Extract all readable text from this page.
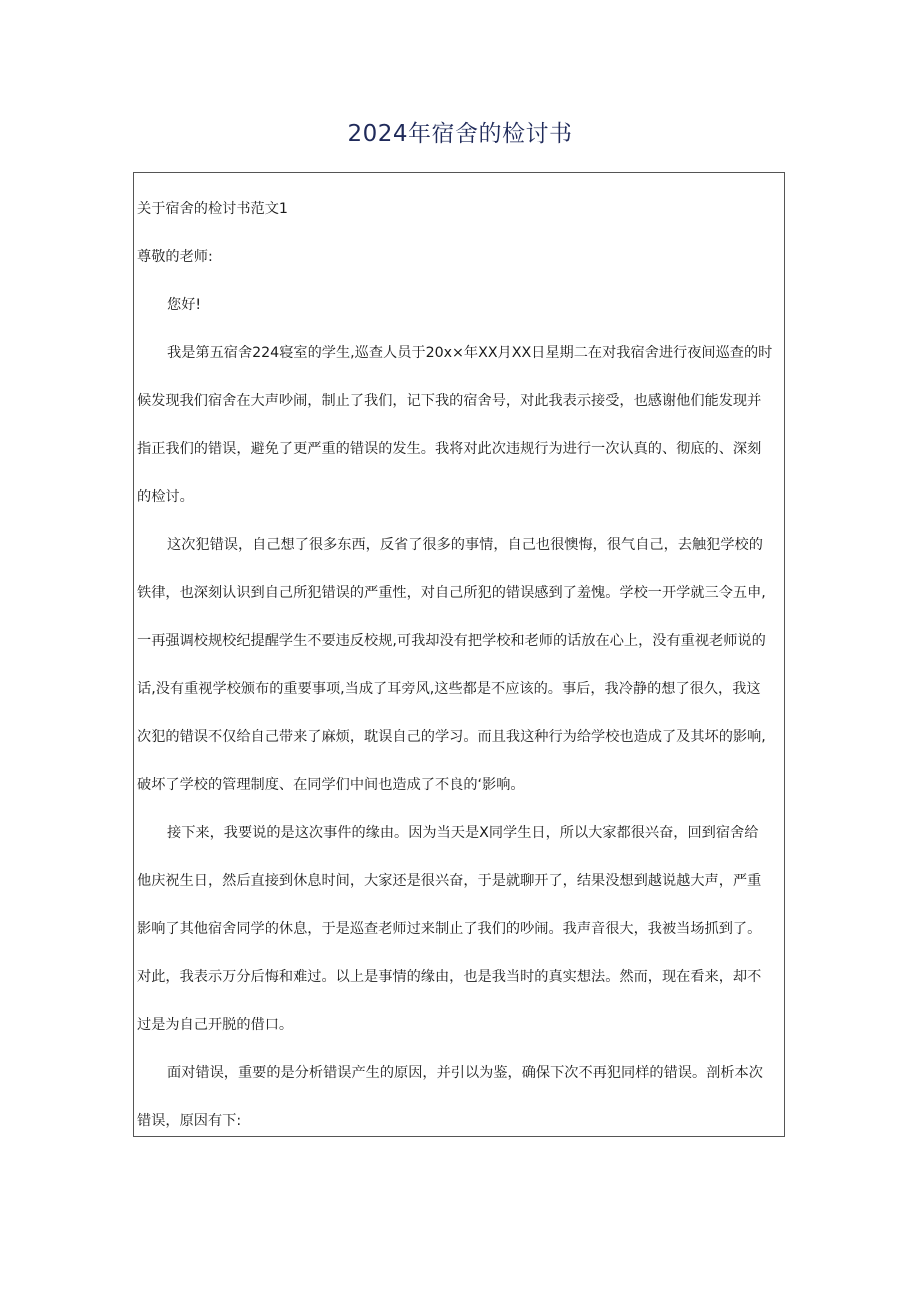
2024年宿舍的检讨书
关于宿舍的检讨书范文1
尊敬的老师:
您好!
我是第五宿舍224寝室的学生,巡查人员于20x×年XX月XX日星期二在对我宿舍进行夜间巡查的时
候发现我们宿舍在大声吵闹，制止了我们，记下我的宿舍号，对此我表示接受，也感谢他们能发现并
指正我们的错误，避免了更严重的错误的发生。我将对此次违规行为进行一次认真的、彻底的、深刻
的检讨。
这次犯错误，自己想了很多东西，反省了很多的事情，自己也很懊悔，很气自己，去触犯学校的
铁律，也深刻认识到自己所犯错误的严重性，对自己所犯的错误感到了羞愧。学校一开学就三令五申,
一再强调校规校纪提醒学生不要违反校规,可我却没有把学校和老师的话放在心上，没有重视老师说的
话,没有重视学校颁布的重要事项,当成了耳旁风,这些都是不应该的。事后，我冷静的想了很久，我这
次犯的错误不仅给自己带来了麻烦，耽误自己的学习。而且我这种行为给学校也造成了及其坏的影响,
破坏了学校的管理制度、在同学们中间也造成了不良的‘影响。
接下来，我要说的是这次事件的缘由。因为当天是X同学生日，所以大家都很兴奋，回到宿舍给
他庆祝生日，然后直接到休息时间，大家还是很兴奋，于是就聊开了，结果没想到越说越大声，严重
影响了其他宿舍同学的休息，于是巡查老师过来制止了我们的吵闹。我声音很大，我被当场抓到了。
对此，我表示万分后悔和难过。以上是事情的缘由，也是我当时的真实想法。然而，现在看来，却不
过是为自己开脱的借口。
面对错误，重要的是分析错误产生的原因，并引以为鉴，确保下次不再犯同样的错误。剖析本次
错误，原因有下:
